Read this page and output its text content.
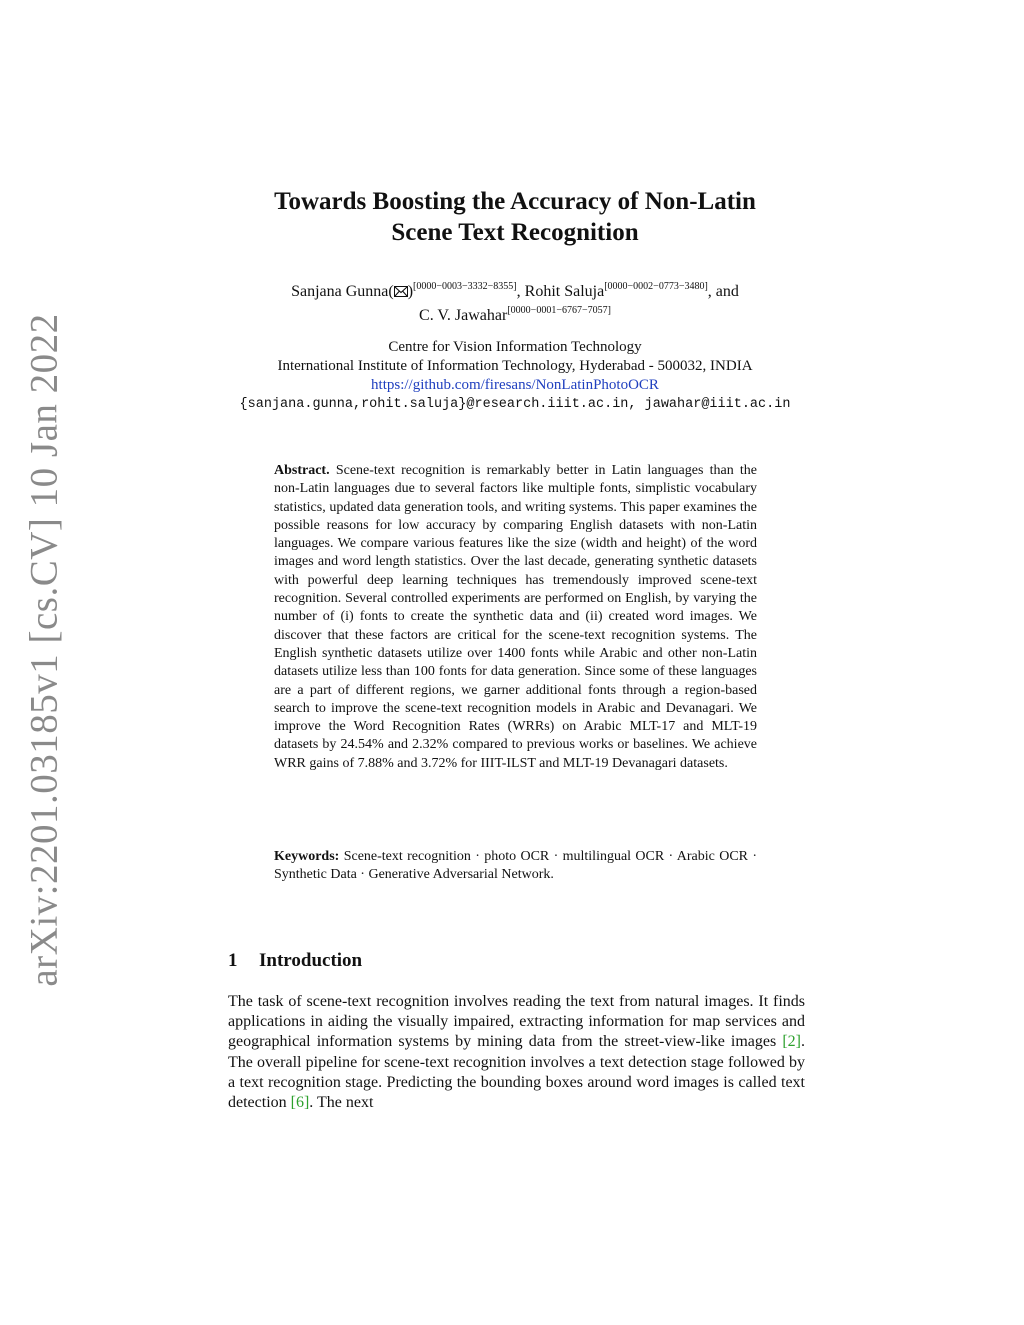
arXiv:2201.03185v1 [cs.CV] 10 Jan 2022
Towards Boosting the Accuracy of Non-Latin
Scene Text Recognition
Sanjana Gunna( )[0000−0003−3332−8355], Rohit Saluja[0000−0002−0773−3480], and
C. V. Jawahar[0000−0001−6767−7057]
Centre for Vision Information Technology
International Institute of Information Technology, Hyderabad - 500032, INDIA
https://github.com/firesans/NonLatinPhotoOCR
{sanjana.gunna,rohit.saluja}@research.iiit.ac.in, jawahar@iiit.ac.in
Abstract. Scene-text recognition is remarkably better in Latin languages than the non-Latin languages due to several factors like multiple fonts, simplistic vocabulary statistics, updated data generation tools, and writing systems. This paper examines the possible reasons for low accuracy by comparing English datasets with non-Latin languages. We compare various features like the size (width and height) of the word images and word length statistics. Over the last decade, generating synthetic datasets with powerful deep learning techniques has tremendously improved scene-text recognition. Several controlled experiments are performed on English, by varying the number of (i) fonts to create the synthetic data and (ii) created word images. We discover that these factors are critical for the scene-text recognition systems. The English synthetic datasets utilize over 1400 fonts while Arabic and other non-Latin datasets utilize less than 100 fonts for data generation. Since some of these languages are a part of different regions, we garner additional fonts through a region-based search to improve the scene-text recognition models in Arabic and Devanagari. We improve the Word Recognition Rates (WRRs) on Arabic MLT-17 and MLT-19 datasets by 24.54% and 2.32% compared to previous works or baselines. We achieve WRR gains of 7.88% and 3.72% for IIIT-ILST and MLT-19 Devanagari datasets.
Keywords: Scene-text recognition · photo OCR · multilingual OCR · Arabic OCR · Synthetic Data · Generative Adversarial Network.
1 Introduction
The task of scene-text recognition involves reading the text from natural images. It finds applications in aiding the visually impaired, extracting information for map services and geographical information systems by mining data from the street-view-like images [2]. The overall pipeline for scene-text recognition involves a text detection stage followed by a text recognition stage. Predicting the bounding boxes around word images is called text detection [6]. The next
